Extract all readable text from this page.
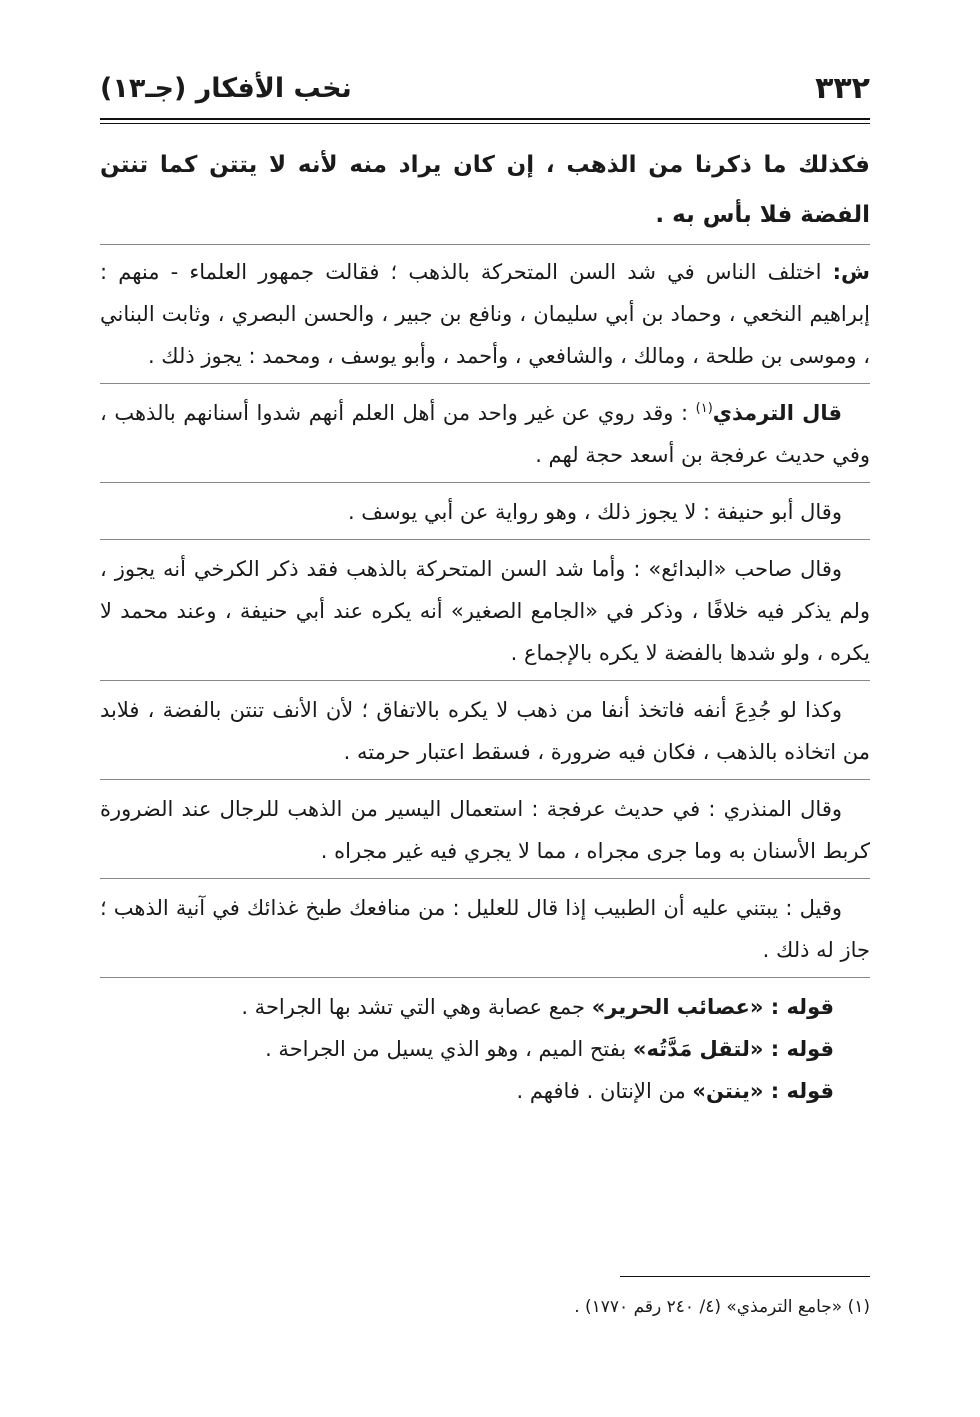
٣٣٢
نخب الأفكار (جـ١٣)

فكذلك ما ذكرنا من الذهب ، إن كان يراد منه لأنه لا يتتن كما تنتن الفضة فلا بأس به .

ش: اختلف الناس في شد السن المتحركة بالذهب ؛ فقالت جمهور العلماء - منهم : إبراهيم النخعي ، وحماد بن أبي سليمان ، ونافع بن جبير ، والحسن البصري ، وثابت البناني ، وموسى بن طلحة ، ومالك ، والشافعي ، وأحمد ، وأبو يوسف ، ومحمد : يجوز ذلك .

قال الترمذي$^{(١)}$ : وقد روي عن غير واحد من أهل العلم أنهم شدوا أسنانهم بالذهب ، وفي حديث عرفجة بن أسعد حجة لهم .

وقال أبو حنيفة : لا يجوز ذلك ، وهو رواية عن أبي يوسف .

وقال صاحب «البدائع» : وأما شد السن المتحركة بالذهب فقد ذكر الكرخي أنه يجوز ، ولم يذكر فيه خلافًا ، وذكر في «الجامع الصغير» أنه يكره عند أبي حنيفة ، وعند محمد لا يكره ، ولو شدها بالفضة لا يكره بالإجماع .

وكذا لو جُدِعَ أنفه فاتخذ أنفا من ذهب لا يكره بالاتفاق ؛ لأن الأنف تنتن بالفضة ، فلابد من اتخاذه بالذهب ، فكان فيه ضرورة ، فسقط اعتبار حرمته .

وقال المنذري : في حديث عرفجة : استعمال اليسير من الذهب للرجال عند الضرورة كربط الأسنان به وما جرى مجراه ، مما لا يجري فيه غير مجراه .

وقيل : يبتني عليه أن الطبيب إذا قال للعليل : من منافعك طبخ غذائك في آنية الذهب ؛ جاز له ذلك .

قوله : «عصائب الحرير» جمع عصابة وهي التي تشد بها الجراحة .

قوله : «لتقل مَدَّتُه» بفتح الميم ، وهو الذي يسيل من الجراحة .

قوله : «ينتن» من الإنتان . فافهم .

(١) «جامع الترمذي» (٤/ ٢٤٠ رقم ١٧٧٠) .
